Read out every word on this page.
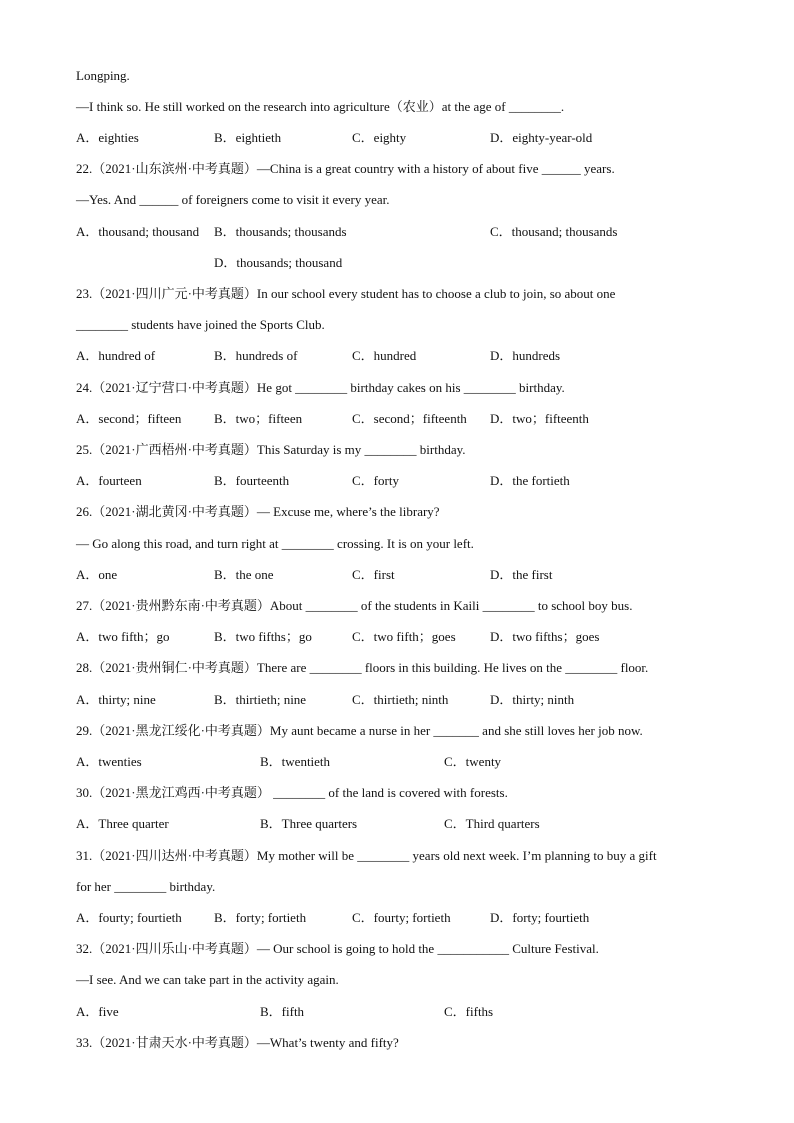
Longping.
—I think so. He still worked on the research into agriculture（农业）at the age of ________.
A．eighties	B．eightieth	C．eighty	D．eighty-year-old
22.（2021·山东滨州·中考真题）—China is a great country with a history of about five ______ years.
—Yes. And ______ of foreigners come to visit it every year.
A．thousand; thousand B．thousands; thousands	C．thousand; thousands
D．thousands; thousand
23.（2021·四川广元·中考真题）In our school every student has to choose a club to join, so about one
________ students have joined the Sports Club.
A．hundred of	B．hundreds of	C．hundred	D．hundreds
24.（2021·辽宁营口·中考真题）He got ________ birthday cakes on his ________ birthday.
A．second；fifteen	B．two；fifteen	C．second；fifteenth D．two；fifteenth
25.（2021·广西梧州·中考真题）This Saturday is my ________ birthday.
A．fourteen	B．fourteenth	C．forty	D．the fortieth
26.（2021·湖北黄冈·中考真题）— Excuse me, where’s the library?
— Go along this road, and turn right at ________ crossing. It is on your left.
A．one	B．the one	C．first	D．the first
27.（2021·贵州黔东南·中考真题）About ________ of the students in Kaili ________ to school boy bus.
A．two fifth；go	B．two fifths；go	C．two fifth；goes	D．two fifths；goes
28.（2021·贵州铜仁·中考真题）There are ________ floors in this building. He lives on the ________ floor.
A．thirty; nine	B．thirtieth; nine	C．thirtieth; ninth	D．thirty; ninth
29.（2021·黑龙江绥化·中考真题）My aunt became a nurse in her _______ and she still loves her job now.
A．twenties	B．twentieth	C．twenty
30.（2021·黑龙江鸡西·中考真题） ________ of the land is covered with forests.
A．Three quarter	B．Three quarters	C．Third quarters
31.（2021·四川达州·中考真题）My mother will be ________ years old next week. I’m planning to buy a gift
for her ________ birthday.
A．fourty; fourtieth B．forty; fortieth	C．fourty; fortieth	D．forty; fourtieth
32.（2021·四川乐山·中考真题）— Our school is going to hold the ___________ Culture Festival.
—I see. And we can take part in the activity again.
A．five	B．fifth	C．fifths
33.（2021·甘肃天水·中考真题）—What’s twenty and fifty?
